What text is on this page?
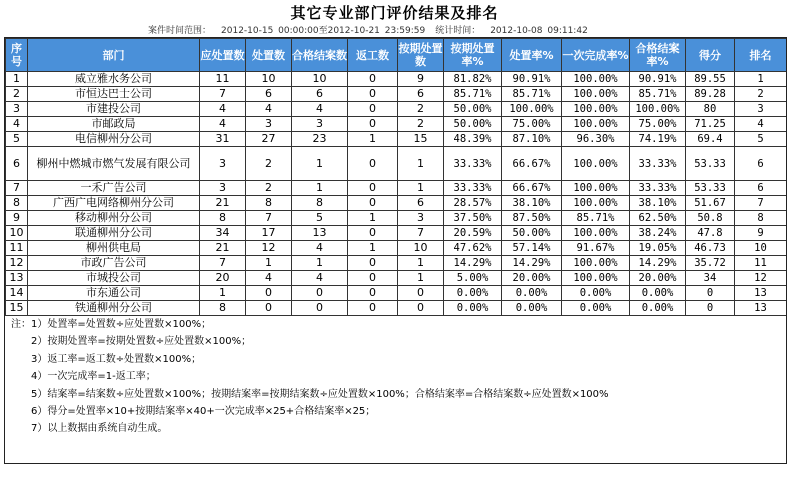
其它专业部门评价结果及排名
案件时间范围： 2012-10-15 00:00:00至2012-10-21 23:59:59 统计时间： 2012-10-08 09:11:42
序号	部门	应处置数	处置数	合格结案数	返工数	按期处置数	按期处置率%	处置率%	一次完成率%	合格结案率%	得分	排名
1	威立雅水务公司	11	10	10	0	9	81.82%	90.91%	100.00%	90.91%	89.55	1
2	市恒达巴士公司	7	6	6	0	6	85.71%	85.71%	100.00%	85.71%	89.28	2
3	市建投公司	4	4	4	0	2	50.00%	100.00%	100.00%	100.00%	80	3
4	市邮政局	4	3	3	0	2	50.00%	75.00%	100.00%	75.00%	71.25	4
5	电信柳州分公司	31	27	23	1	15	48.39%	87.10%	96.30%	74.19%	69.4	5
6	柳州中燃城市燃气发展有限公司	3	2	1	0	1	33.33%	66.67%	100.00%	33.33%	53.33	6
7	一禾广告公司	3	2	1	0	1	33.33%	66.67%	100.00%	33.33%	53.33	6
8	广西广电网络柳州分公司	21	8	8	0	6	28.57%	38.10%	100.00%	38.10%	51.67	7
9	移动柳州分公司	8	7	5	1	3	37.50%	87.50%	85.71%	62.50%	50.8	8
10	联通柳州分公司	34	17	13	0	7	20.59%	50.00%	100.00%	38.24%	47.8	9
11	柳州供电局	21	12	4	1	10	47.62%	57.14%	91.67%	19.05%	46.73	10
12	市政广告公司	7	1	1	0	1	14.29%	14.29%	100.00%	14.29%	35.72	11
13	市城投公司	20	4	4	0	1	5.00%	20.00%	100.00%	20.00%	34	12
14	市东通公司	1	0	0	0	0	0.00%	0.00%	0.00%	0.00%	0	13
15	铁通柳州分公司	8	0	0	0	0	0.00%	0.00%	0.00%	0.00%	0	13
注：1）处置率=处置数÷应处置数×100%；
　　2）按期处置率=按期处置数÷应处置数×100%；
　　3）返工率=返工数÷处置数×100%；
　　4）一次完成率=1-返工率；
　　5）结案率=结案数÷应处置数×100%；按期结案率=按期结案数÷应处置数×100%；合格结案率=合格结案数÷应处置数×100%
　　6）得分=处置率×10+按期结案率×40+一次完成率×25+合格结案率×25；
　　7）以上数据由系统自动生成。
